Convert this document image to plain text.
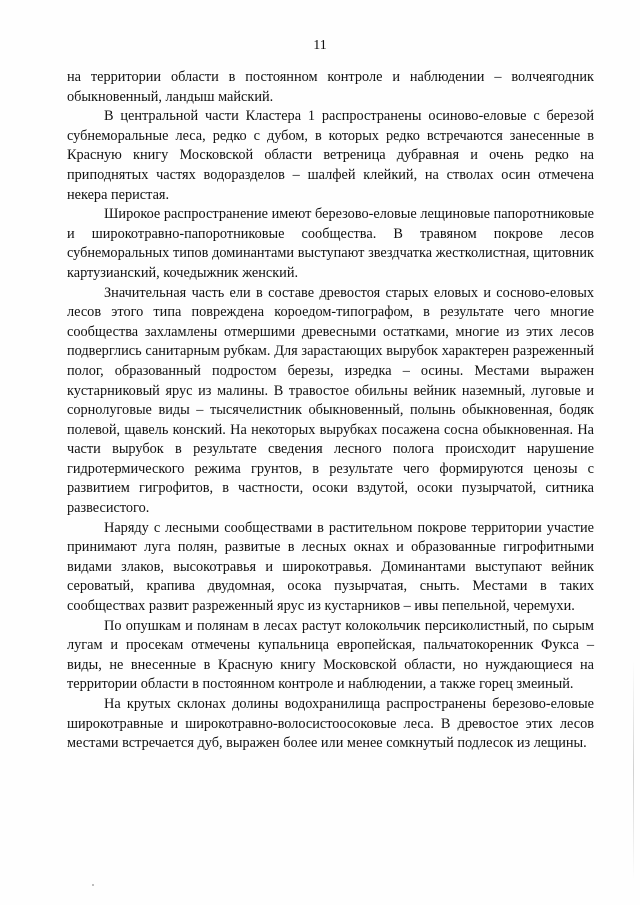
11

на территории области в постоянном контроле и наблюдении – волчеягодник обыкновенный, ландыш майский.

В центральной части Кластера 1 распространены осиново-еловые с березой субнеморальные леса, редко с дубом, в которых редко встречаются занесенные в Красную книгу Московской области ветреница дубравная и очень редко на приподнятых частях водоразделов – шалфей клейкий, на стволах осин отмечена некера перистая.

Широкое распространение имеют березово-еловые лещиновые папоротниковые и широкотравно-папоротниковые сообщества. В травяном покрове лесов субнеморальных типов доминантами выступают звездчатка жестколистная, щитовник картузианский, кочедыжник женский.

Значительная часть ели в составе древостоя старых еловых и сосново-еловых лесов этого типа повреждена короедом-типографом, в результате чего многие сообщества захламлены отмершими древесными остатками, многие из этих лесов подверглись санитарным рубкам. Для зарастающих вырубок характерен разреженный полог, образованный подростом березы, изредка – осины. Местами выражен кустарниковый ярус из малины. В травостое обильны вейник наземный, луговые и сорнолуговые виды – тысячелистник обыкновенный, полынь обыкновенная, бодяк полевой, щавель конский. На некоторых вырубках посажена сосна обыкновенная. На части вырубок в результате сведения лесного полога происходит нарушение гидротермического режима грунтов, в результате чего формируются ценозы с развитием гигрофитов, в частности, осоки вздутой, осоки пузырчатой, ситника развесистого.

Наряду с лесными сообществами в растительном покрове территории участие принимают луга полян, развитые в лесных окнах и образованные гигрофитными видами злаков, высокотравья и широкотравья. Доминантами выступают вейник сероватый, крапива двудомная, осока пузырчатая, сныть. Местами в таких сообществах развит разреженный ярус из кустарников – ивы пепельной, черемухи.

По опушкам и полянам в лесах растут колокольчик персиколистный, по сырым лугам и просекам отмечены купальница европейская, пальчатокоренник Фукса – виды, не внесенные в Красную книгу Московской области, но нуждающиеся на территории области в постоянном контроле и наблюдении, а также горец змеиный.

На крутых склонах долины водохранилища распространены березово-еловые широкотравные и широкотравно-волосистоосоковые леса. В древостое этих лесов местами встречается дуб, выражен более или менее сомкнутый подлесок из лещины.
